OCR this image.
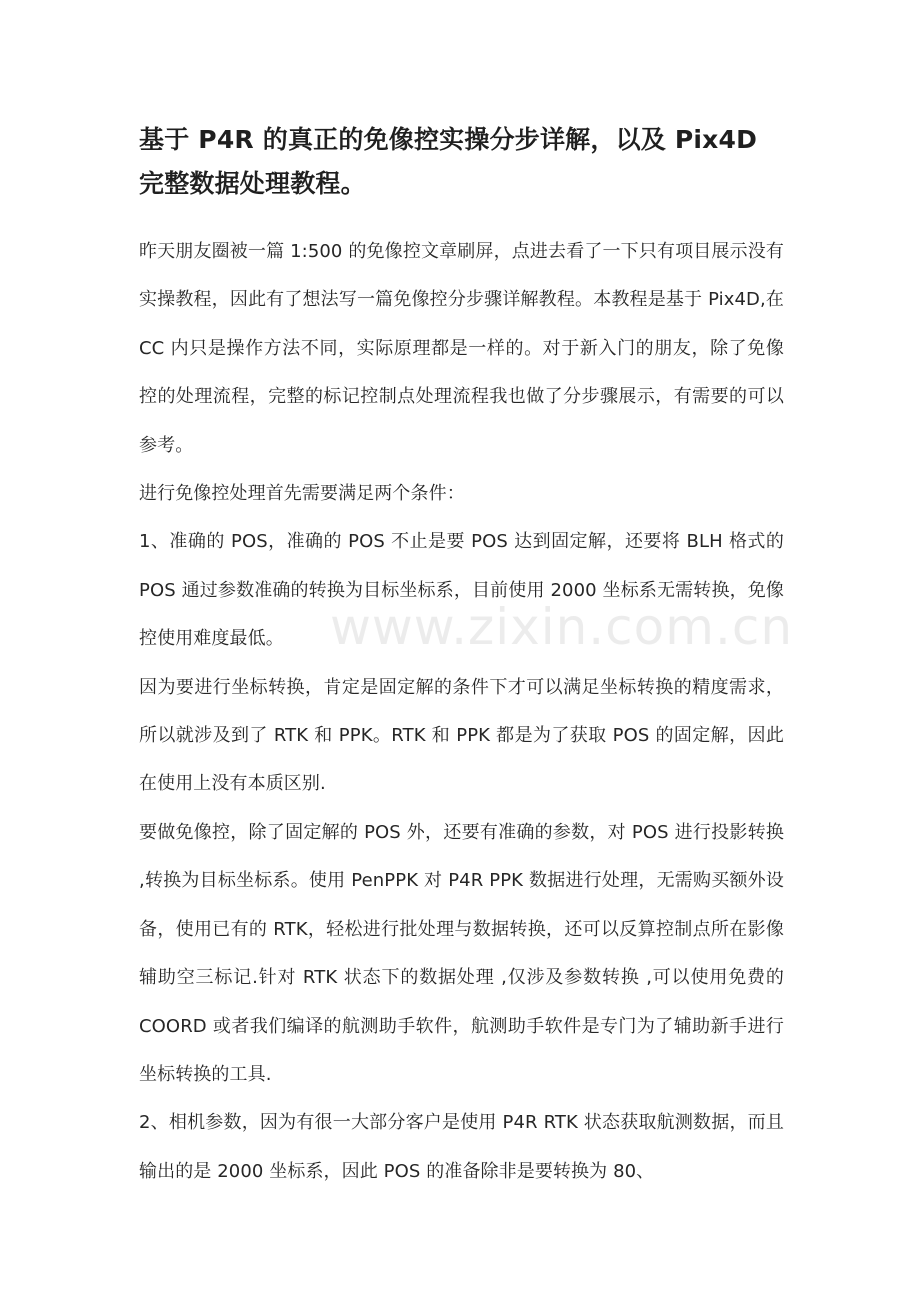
基于 P4R 的真正的免像控实操分步详解，以及 Pix4D 完整数据处理教程。

昨天朋友圈被一篇 1:500 的免像控文章刷屏，点进去看了一下只有项目展示没有实操教程，因此有了想法写一篇免像控分步骤详解教程。本教程是基于 Pix4D,在 CC 内只是操作方法不同，实际原理都是一样的。对于新入门的朋友，除了免像控的处理流程，完整的标记控制点处理流程我也做了分步骤展示，有需要的可以参考。

进行免像控处理首先需要满足两个条件：

1、准确的 POS，准确的 POS 不止是要 POS 达到固定解，还要将 BLH 格式的 POS 通过参数准确的转换为目标坐标系，目前使用 2000 坐标系无需转换，免像控使用难度最低。

因为要进行坐标转换，肯定是固定解的条件下才可以满足坐标转换的精度需求，所以就涉及到了 RTK 和 PPK。RTK 和 PPK 都是为了获取 POS 的固定解，因此在使用上没有本质区别.

要做免像控，除了固定解的 POS 外，还要有准确的参数，对 POS 进行投影转换 ,转换为目标坐标系。使用 PenPPK 对 P4R PPK 数据进行处理，无需购买额外设备，使用已有的 RTK，轻松进行批处理与数据转换，还可以反算控制点所在影像辅助空三标记.针对 RTK 状态下的数据处理 ,仅涉及参数转换 ,可以使用免费的 COORD 或者我们编译的航测助手软件，航测助手软件是专门为了辅助新手进行坐标转换的工具.

2、相机参数，因为有很一大部分客户是使用 P4R RTK 状态获取航测数据，而且输出的是 2000 坐标系，因此 POS 的准备除非是要转换为 80、

www.zixin.com.cn
